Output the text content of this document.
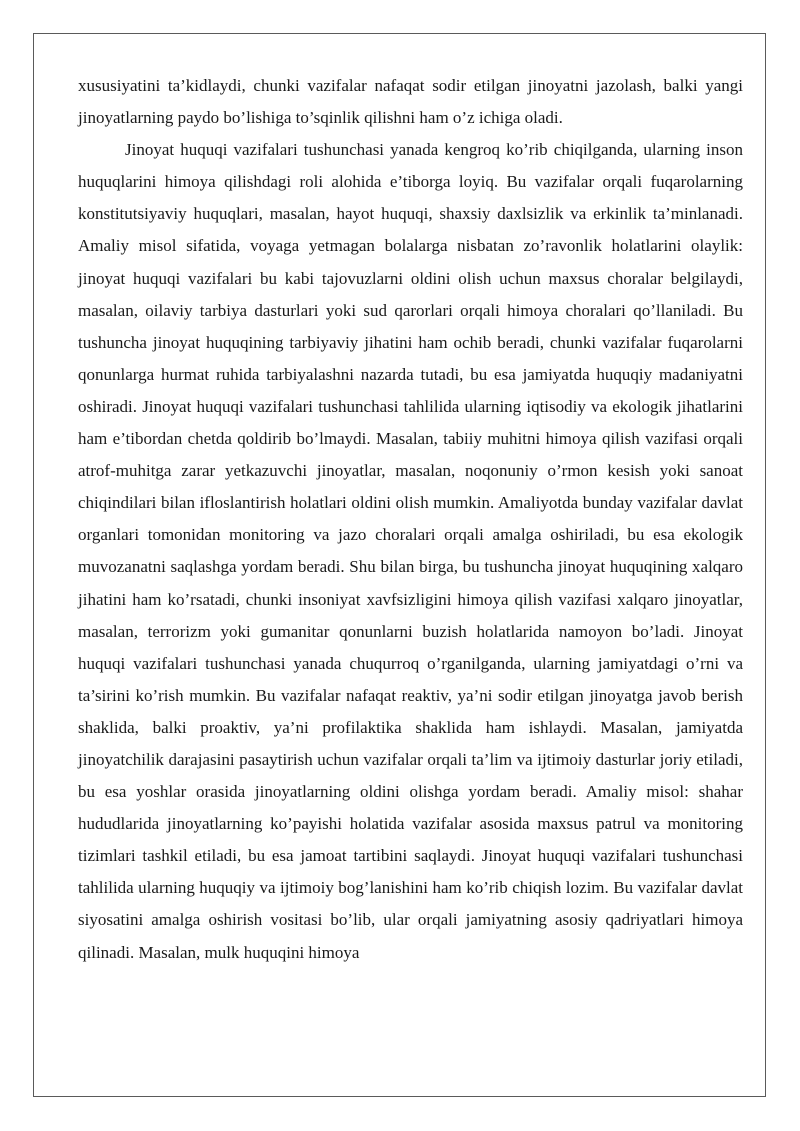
xususiyatini ta’kidlaydi, chunki vazifalar nafaqat sodir etilgan jinoyatni jazolash, balki yangi jinoyatlarning paydo bo’lishiga to’sqinlik qilishni ham o’z ichiga oladi.

Jinoyat huquqi vazifalari tushunchasi yanada kengroq ko’rib chiqilganda, ularning inson huquqlarini himoya qilishdagi roli alohida e’tiborga loyiq. Bu vazifalar orqali fuqarolarning konstitutsiyaviy huquqlari, masalan, hayot huquqi, shaxsiy daxlsizlik va erkinlik ta’minlanadi. Amaliy misol sifatida, voyaga yetmagan bolalarga nisbatan zo’ravonlik holatlarini olaylik: jinoyat huquqi vazifalari bu kabi tajovuzlarni oldini olish uchun maxsus choralar belgilaydi, masalan, oilaviy tarbiya dasturlari yoki sud qarorlari orqali himoya choralari qo’llaniladi. Bu tushuncha jinoyat huquqining tarbiyaviy jihatini ham ochib beradi, chunki vazifalar fuqarolarni qonunlarga hurmat ruhida tarbiyalashni nazarda tutadi, bu esa jamiyatda huquqiy madaniyatni oshiradi. Jinoyat huquqi vazifalari tushunchasi tahlilida ularning iqtisodiy va ekologik jihatlarini ham e’tibordan chetda qoldirib bo’lmaydi. Masalan, tabiiy muhitni himoya qilish vazifasi orqali atrof-muhitga zarar yetkazuvchi jinoyatlar, masalan, noqonuniy o’rmon kesish yoki sanoat chiqindilari bilan ifloslantirish holatlari oldini olish mumkin. Amaliyotda bunday vazifalar davlat organlari tomonidan monitoring va jazo choralari orqali amalga oshiriladi, bu esa ekologik muvozanatni saqlashga yordam beradi. Shu bilan birga, bu tushuncha jinoyat huquqining xalqaro jihatini ham ko’rsatadi, chunki insoniyat xavfsizligini himoya qilish vazifasi xalqaro jinoyatlar, masalan, terrorizm yoki gumanitar qonunlarni buzish holatlarida namoyon bo’ladi. Jinoyat huquqi vazifalari tushunchasi yanada chuqurroq o’rganilganda, ularning jamiyatdagi o’rni va ta’sirini ko’rish mumkin. Bu vazifalar nafaqat reaktiv, ya’ni sodir etilgan jinoyatga javob berish shaklida, balki proaktiv, ya’ni profilaktika shaklida ham ishlaydi. Masalan, jamiyatda jinoyatchilik darajasini pasaytirish uchun vazifalar orqali ta’lim va ijtimoiy dasturlar joriy etiladi, bu esa yoshlar orasida jinoyatlarning oldini olishga yordam beradi. Amaliy misol: shahar hududlarida jinoyatlarning ko’payishi holatida vazifalar asosida maxsus patrul va monitoring tizimlari tashkil etiladi, bu esa jamoat tartibini saqlaydi. Jinoyat huquqi vazifalari tushunchasi tahlilida ularning huquqiy va ijtimoiy bog’lanishini ham ko’rib chiqish lozim. Bu vazifalar davlat siyosatini amalga oshirish vositasi bo’lib, ular orqali jamiyatning asosiy qadriyatlari himoya qilinadi. Masalan, mulk huquqini himoya
